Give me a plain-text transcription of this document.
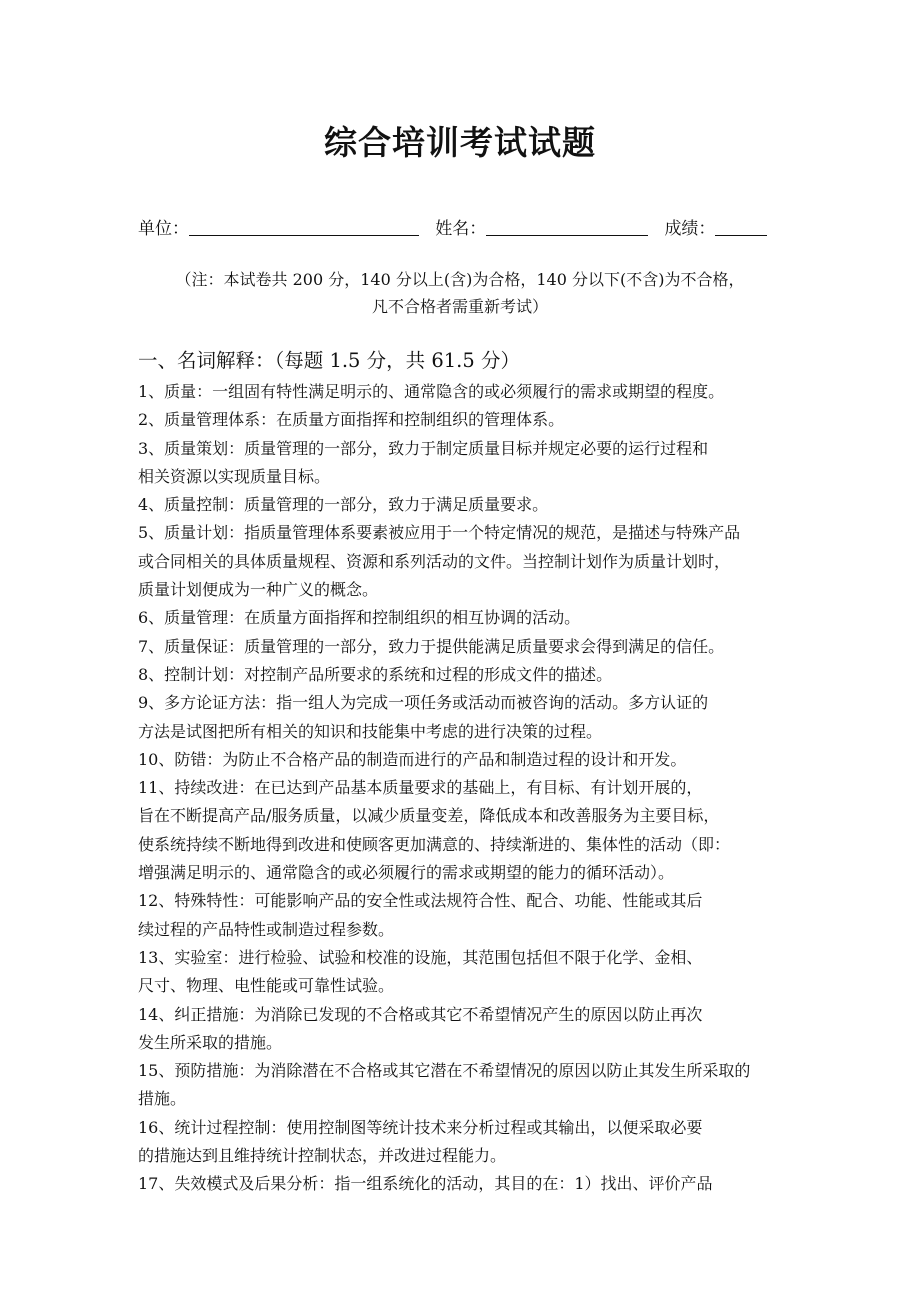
综合培训考试试题
单位：	姓名：	成绩：
（注：本试卷共 200 分，140 分以上(含)为合格，140 分以下(不含)为不合格，
凡不合格者需重新考试）
一、名词解释：（每题 1.5 分，共 61.5 分）
1、质量：一组固有特性满足明示的、通常隐含的或必须履行的需求或期望的程度。
2、质量管理体系：在质量方面指挥和控制组织的管理体系。
3、质量策划：质量管理的一部分，致力于制定质量目标并规定必要的运行过程和
相关资源以实现质量目标。
4、质量控制：质量管理的一部分，致力于满足质量要求。
5、质量计划：指质量管理体系要素被应用于一个特定情况的规范，是描述与特殊产品
或合同相关的具体质量规程、资源和系列活动的文件。当控制计划作为质量计划时，
质量计划便成为一种广义的概念。
6、质量管理：在质量方面指挥和控制组织的相互协调的活动。
7、质量保证：质量管理的一部分，致力于提供能满足质量要求会得到满足的信任。
8、控制计划：对控制产品所要求的系统和过程的形成文件的描述。
9、多方论证方法：指一组人为完成一项任务或活动而被咨询的活动。多方认证的
方法是试图把所有相关的知识和技能集中考虑的进行决策的过程。
10、防错：为防止不合格产品的制造而进行的产品和制造过程的设计和开发。
11、持续改进：在已达到产品基本质量要求的基础上，有目标、有计划开展的，
旨在不断提高产品/服务质量，以减少质量变差，降低成本和改善服务为主要目标，
使系统持续不断地得到改进和使顾客更加满意的、持续渐进的、集体性的活动（即：
增强满足明示的、通常隐含的或必须履行的需求或期望的能力的循环活动）。
12、特殊特性：可能影响产品的安全性或法规符合性、配合、功能、性能或其后
续过程的产品特性或制造过程参数。
13、实验室：进行检验、试验和校准的设施，其范围包括但不限于化学、金相、
尺寸、物理、电性能或可靠性试验。
14、纠正措施：为消除已发现的不合格或其它不希望情况产生的原因以防止再次
发生所采取的措施。
15、预防措施：为消除潜在不合格或其它潜在不希望情况的原因以防止其发生所采取的
措施。
16、统计过程控制：使用控制图等统计技术来分析过程或其输出，以便采取必要
的措施达到且维持统计控制状态，并改进过程能力。
17、失效模式及后果分析：指一组系统化的活动，其目的在：1）找出、评价产品
